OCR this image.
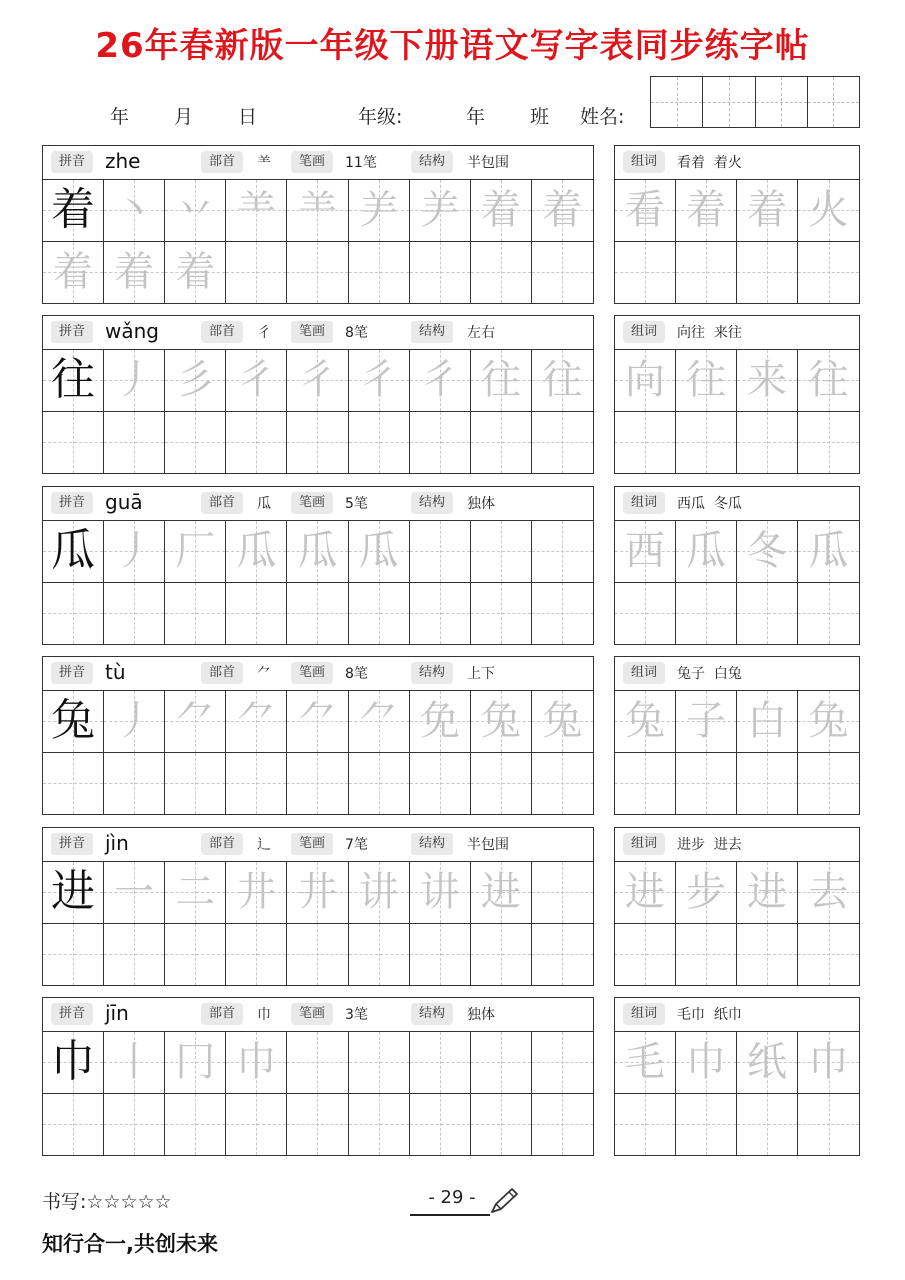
26年春新版一年级下册语文写字表同步练字帖
年	月 日	年级:	年 班 姓名:
拼音 zhe	部首	⺷	笔画	11笔	结构	半包围
着 丶 丷 ⺷ ⺷ ⺶ ⺶ 着 着
着 着 着
组词	看着  着火
看 着 着 火
拼音 wǎng	部首	彳	笔画	8笔	结构	左右
往 丿 彡 彳 彳 彳 彳 往 往
组词	向往  来往
向 往 来 往
拼音 guā	部首	瓜	笔画	5笔	结构	独体
瓜 丿 厂 瓜 瓜 瓜
组词	西瓜  冬瓜
西 瓜 冬 瓜
拼音 tù	部首	⺈	笔画	8笔	结构	上下
兔 丿 ⺈ ⺈ ⺈ ⺈ 免 兔 兔
组词	兔子  白兔
兔 子 白 兔
拼音 jìn	部首	辶	笔画	7笔	结构	半包围
进 一 二 井 井 讲 讲 进
组词	进步  进去
进 步 进 去
拼音 jīn	部首	巾	笔画	3笔	结构	独体
巾 丨 冂 巾
组词	毛巾  纸巾
毛 巾 纸 巾
书写:☆☆☆☆☆	- 29 -
知行合一,共创未来
